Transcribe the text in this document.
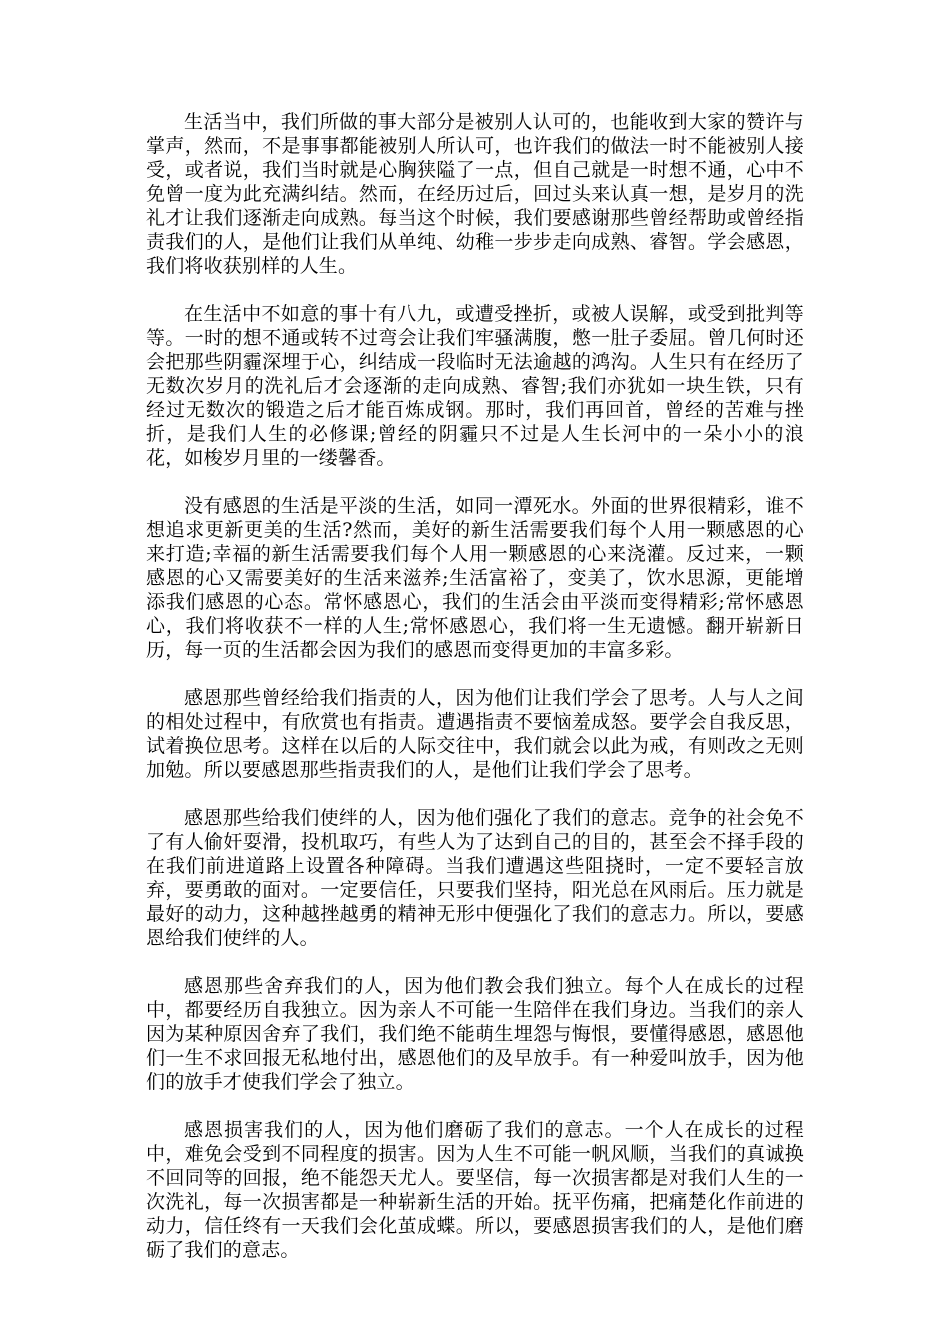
生活当中，我们所做的事大部分是被别人认可的，也能收到大家的赞许与掌声，然而，不是事事都能被别人所认可，也许我们的做法一时不能被别人接受，或者说，我们当时就是心胸狭隘了一点，但自己就是一时想不通，心中不免曾一度为此充满纠结。然而，在经历过后，回过头来认真一想，是岁月的洗礼才让我们逐渐走向成熟。每当这个时候，我们要感谢那些曾经帮助或曾经指责我们的人，是他们让我们从单纯、幼稚一步步走向成熟、睿智。学会感恩，我们将收获别样的人生。

在生活中不如意的事十有八九，或遭受挫折，或被人误解，或受到批判等等。一时的想不通或转不过弯会让我们牢骚满腹，憋一肚子委屈。曾几何时还会把那些阴霾深埋于心，纠结成一段临时无法逾越的鸿沟。人生只有在经历了无数次岁月的洗礼后才会逐渐的走向成熟、睿智;我们亦犹如一块生铁，只有经过无数次的锻造之后才能百炼成钢。那时，我们再回首，曾经的苦难与挫折，是我们人生的必修课;曾经的阴霾只不过是人生长河中的一朵小小的浪花，如梭岁月里的一缕馨香。

没有感恩的生活是平淡的生活，如同一潭死水。外面的世界很精彩，谁不想追求更新更美的生活?然而，美好的新生活需要我们每个人用一颗感恩的心来打造;幸福的新生活需要我们每个人用一颗感恩的心来浇灌。反过来，一颗感恩的心又需要美好的生活来滋养;生活富裕了，变美了，饮水思源，更能增添我们感恩的心态。常怀感恩心，我们的生活会由平淡而变得精彩;常怀感恩心，我们将收获不一样的人生;常怀感恩心，我们将一生无遗憾。翻开崭新日历，每一页的生活都会因为我们的感恩而变得更加的丰富多彩。

感恩那些曾经给我们指责的人，因为他们让我们学会了思考。人与人之间的相处过程中，有欣赏也有指责。遭遇指责不要恼羞成怒。要学会自我反思，试着换位思考。这样在以后的人际交往中，我们就会以此为戒，有则改之无则加勉。所以要感恩那些指责我们的人，是他们让我们学会了思考。

感恩那些给我们使绊的人，因为他们强化了我们的意志。竞争的社会免不了有人偷奸耍滑，投机取巧，有些人为了达到自己的目的，甚至会不择手段的在我们前进道路上设置各种障碍。当我们遭遇这些阻挠时，一定不要轻言放弃，要勇敢的面对。一定要信任，只要我们坚持，阳光总在风雨后。压力就是最好的动力，这种越挫越勇的精神无形中便强化了我们的意志力。所以，要感恩给我们使绊的人。

感恩那些舍弃我们的人，因为他们教会我们独立。每个人在成长的过程中，都要经历自我独立。因为亲人不可能一生陪伴在我们身边。当我们的亲人因为某种原因舍弃了我们，我们绝不能萌生埋怨与悔恨，要懂得感恩，感恩他们一生不求回报无私地付出，感恩他们的及早放手。有一种爱叫放手，因为他们的放手才使我们学会了独立。

感恩损害我们的人，因为他们磨砺了我们的意志。一个人在成长的过程中，难免会受到不同程度的损害。因为人生不可能一帆风顺，当我们的真诚换不回同等的回报，绝不能怨天尤人。要坚信，每一次损害都是对我们人生的一次洗礼，每一次损害都是一种崭新生活的开始。抚平伤痛，把痛楚化作前进的动力，信任终有一天我们会化茧成蝶。所以，要感恩损害我们的人，是他们磨砺了我们的意志。
